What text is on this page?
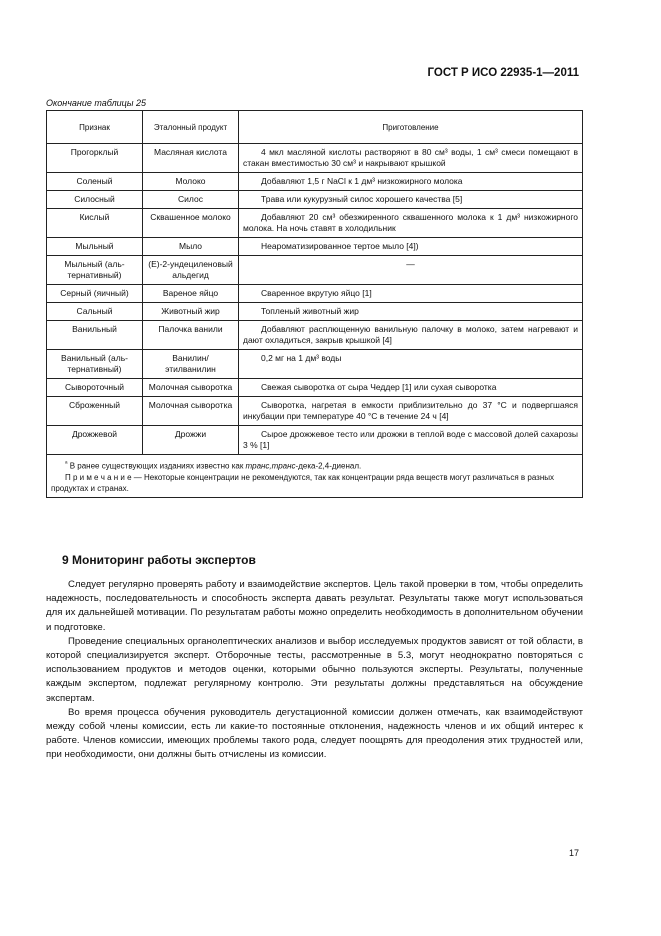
ГОСТ Р ИСО 22935-1—2011
Окончание таблицы 25
Признак	Эталонный продукт	Приготовление
Прогорклый	Масляная кислота	4 мкл масляной кислоты растворяют в 80 см³ воды, 1 см³ смеси помещают в стакан вместимостью 30 см³ и накрывают крышкой
Соленый	Молоко	Добавляют 1,5 г NaCl к 1 дм³ низкожирного молока
Силосный	Силос	Трава или кукурузный силос хорошего качества [5]
Кислый	Сквашенное молоко	Добавляют 20 см³ обезжиренного сквашенного молока к 1 дм³ низкожирного молока. На ночь ставят в холодильник
Мыльный	Мыло	Неароматизированное тертое мыло [4])
Мыльный (альтернативный)	(E)-2-ундециленовый альдегид	—
Серный (яичный)	Вареное яйцо	Сваренное вкрутую яйцо [1]
Сальный	Животный жир	Топленый животный жир
Ванильный	Палочка ванили	Добавляют расплющенную ванильную палочку в молоко, затем нагревают и дают охладиться, закрыв крышкой [4]
Ванильный (альтернативный)	Ванилин/ этилванилин	0,2 мг на 1 дм³ воды
Сывороточный	Молочная сыворотка	Свежая сыворотка от сыра Чеддер [1] или сухая сыворотка
Сброженный	Молочная сыворотка	Сыворотка, нагретая в емкости приблизительно до 37 °С и подвергшаяся инкубации при температуре 40 °С в течение 24 ч [4]
Дрожжевой	Дрожжи	Сырое дрожжевое тесто или дрожжи в теплой воде с массовой долей сахарозы 3 % [1]

$^ᵃ$ В ранее существующих изданиях известно как транс,транс-дека-2,4-диенал.
П р и м е ч а н и е — Некоторые концентрации не рекомендуются, так как концентрации ряда веществ могут различаться в разных продуктах и странах.		
9 Мониторинг работы экспертов

Следует регулярно проверять работу и взаимодействие экспертов. Цель такой проверки в том, чтобы определить надежность, последовательность и способность эксперта давать результат. Результаты также могут использоваться для их дальнейшей мотивации. По результатам работы можно определить необходимость в дополнительном обучении и подготовке.

Проведение специальных органолептических анализов и выбор исследуемых продуктов зависят от той области, в которой специализируется эксперт. Отборочные тесты, рассмотренные в 5.3, могут неоднократно повторяться с использованием продуктов и методов оценки, которыми обычно пользуются эксперты. Результаты, полученные каждым экспертом, подлежат регулярному контролю. Эти результаты должны представляться на обсуждение экспертам.

Во время процесса обучения руководитель дегустационной комиссии должен отмечать, как взаимодействуют между собой члены комиссии, есть ли какие-то постоянные отклонения, надежность членов и их общий интерес к работе. Членов комиссии, имеющих проблемы такого рода, следует поощрять для преодоления этих трудностей или, при необходимости, они должны быть отчислены из комиссии.

17
